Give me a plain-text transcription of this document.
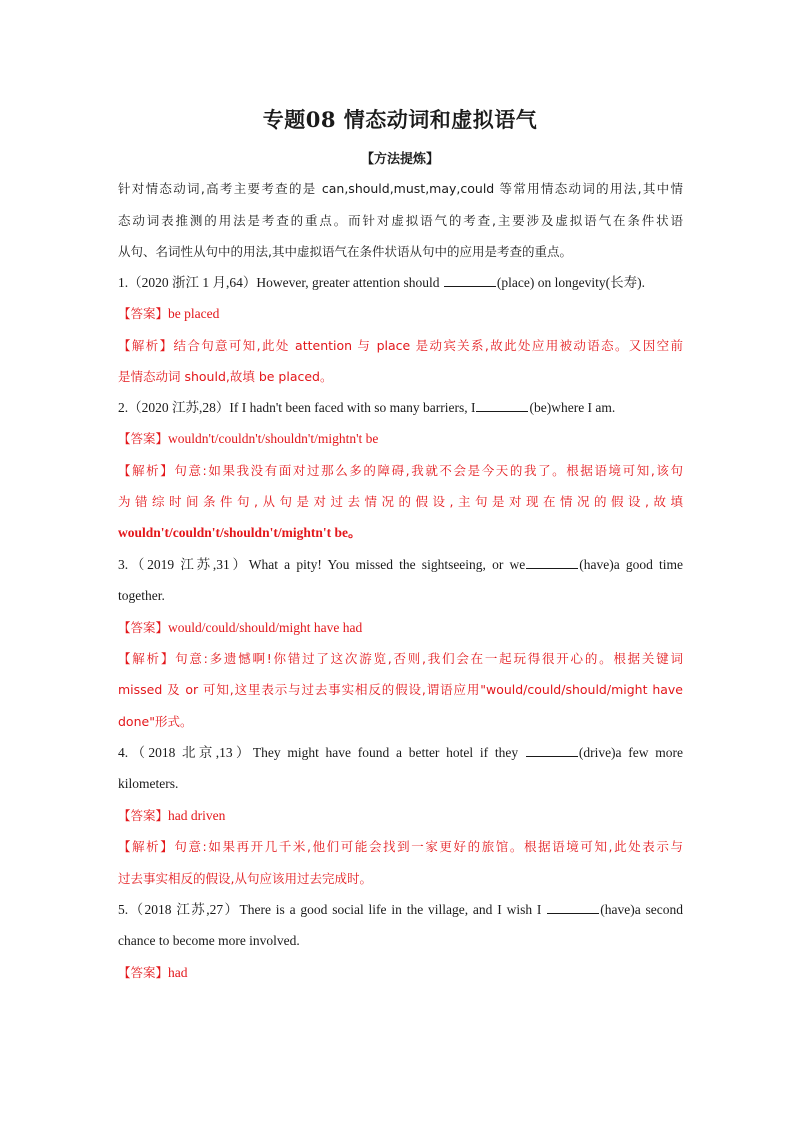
专题08 情态动词和虚拟语气
【方法提炼】
针对情态动词,高考主要考查的是 can,should,must,may,could 等常用情态动词的用法,其中情
态动词表推测的用法是考查的重点。而针对虚拟语气的考查,主要涉及虚拟语气在条件状语
从句、名词性从句中的用法,其中虚拟语气在条件状语从句中的应用是考查的重点。
1.（2020 浙江 1 月,64）However, greater attention should	(place) on longevity(长寿).
【答案】be placed
【解析】结合句意可知,此处 attention 与 place 是动宾关系,故此处应用被动语态。又因空前
是情态动词 should,故填 be placed。
2.（2020 江苏,28）If I hadn't been faced with so many barriers, I	(be)where I am.
【答案】wouldn't/couldn't/shouldn't/mightn't be
【解析】句意:如果我没有面对过那么多的障碍,我就不会是今天的我了。根据语境可知,该句
为错综时间条件句,从句是对过去情况的假设,主句是对现在情况的假设,故填
wouldn't/couldn't/shouldn't/mightn't be。
3.（2019 江苏,31）What a pity! You missed the sightseeing, or we	(have)a good time
together.
【答案】would/could/should/might have had
【解析】句意:多遗憾啊!你错过了这次游览,否则,我们会在一起玩得很开心的。根据关键词
missed 及 or 可知,这里表示与过去事实相反的假设,谓语应用"would/could/should/might have
done"形式。
4.（2018 北京,13）They might have found a better hotel if they	(drive)a few more
kilometers.
【答案】had driven
【解析】句意:如果再开几千米,他们可能会找到一家更好的旅馆。根据语境可知,此处表示与
过去事实相反的假设,从句应该用过去完成时。
5.（2018 江苏,27）There is a good social life in the village, and I wish I	(have)a second
chance to become more involved.
【答案】had
